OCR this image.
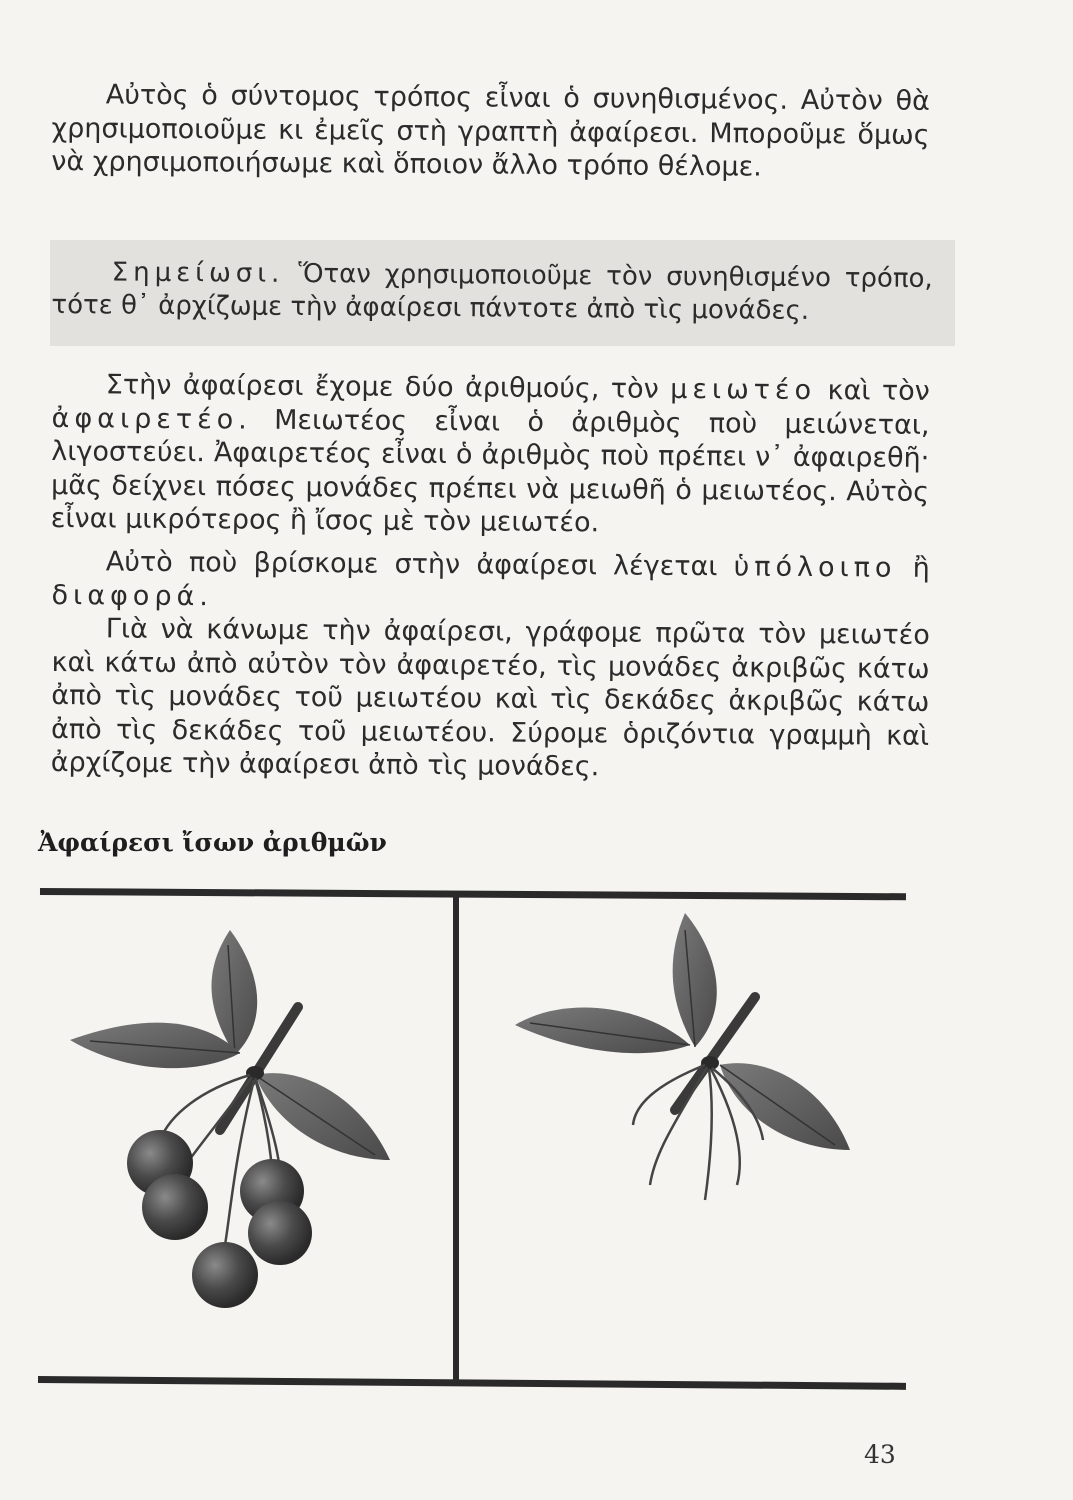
Αὐτὸς ὁ σύντομος τρόπος εἶναι ὁ συνηθισμένος. Αὐτὸν θὰ χρησιμοποιοῦμε κι ἐμεῖς στὴ γραπτὴ ἀφαίρεσι. Μποροῦμε ὅμως νὰ χρησιμοποιήσωμε καὶ ὅποιον ἄλλο τρόπο θέλομε.

Σημείωσι. Ὅταν χρησιμοποιοῦμε τὸν συνηθισμένο τρόπο, τότε θ᾽ ἀρχίζωμε τὴν ἀφαίρεσι πάντοτε ἀπὸ τὶς μονάδες.

Στὴν ἀφαίρεσι ἔχομε δύο ἀριθμούς, τὸν μειωτέο καὶ τὸν ἀφαιρετέο. Μειωτέος εἶναι ὁ ἀριθμὸς ποὺ μειώνεται, λιγοστεύει. Ἀφαιρετέος εἶναι ὁ ἀριθμὸς ποὺ πρέπει ν᾽ ἀφαιρεθῆ· μᾶς δείχνει πόσες μονάδες πρέπει νὰ μειωθῆ ὁ μειωτέος. Αὐτὸς εἶναι μικρότερος ἢ ἴσος μὲ τὸν μειωτέο.

Αὐτὸ ποὺ βρίσκομε στὴν ἀφαίρεσι λέγεται ὑπόλοιπο ἢ διαφορά.

Γιὰ νὰ κάνωμε τὴν ἀφαίρεσι, γράφομε πρῶτα τὸν μειωτέο καὶ κάτω ἀπὸ αὐτὸν τὸν ἀφαιρετέο, τὶς μονάδες ἀκριβῶς κάτω ἀπὸ τὶς μονάδες τοῦ μειωτέου καὶ τὶς δεκάδες ἀκριβῶς κάτω ἀπὸ τὶς δεκάδες τοῦ μειωτέου. Σύρομε ὁριζόντια γραμμὴ καὶ ἀρχίζομε τὴν ἀφαίρεσι ἀπὸ τὶς μονάδες.

Ἀφαίρεσι ἴσων ἀριθμῶν

43
